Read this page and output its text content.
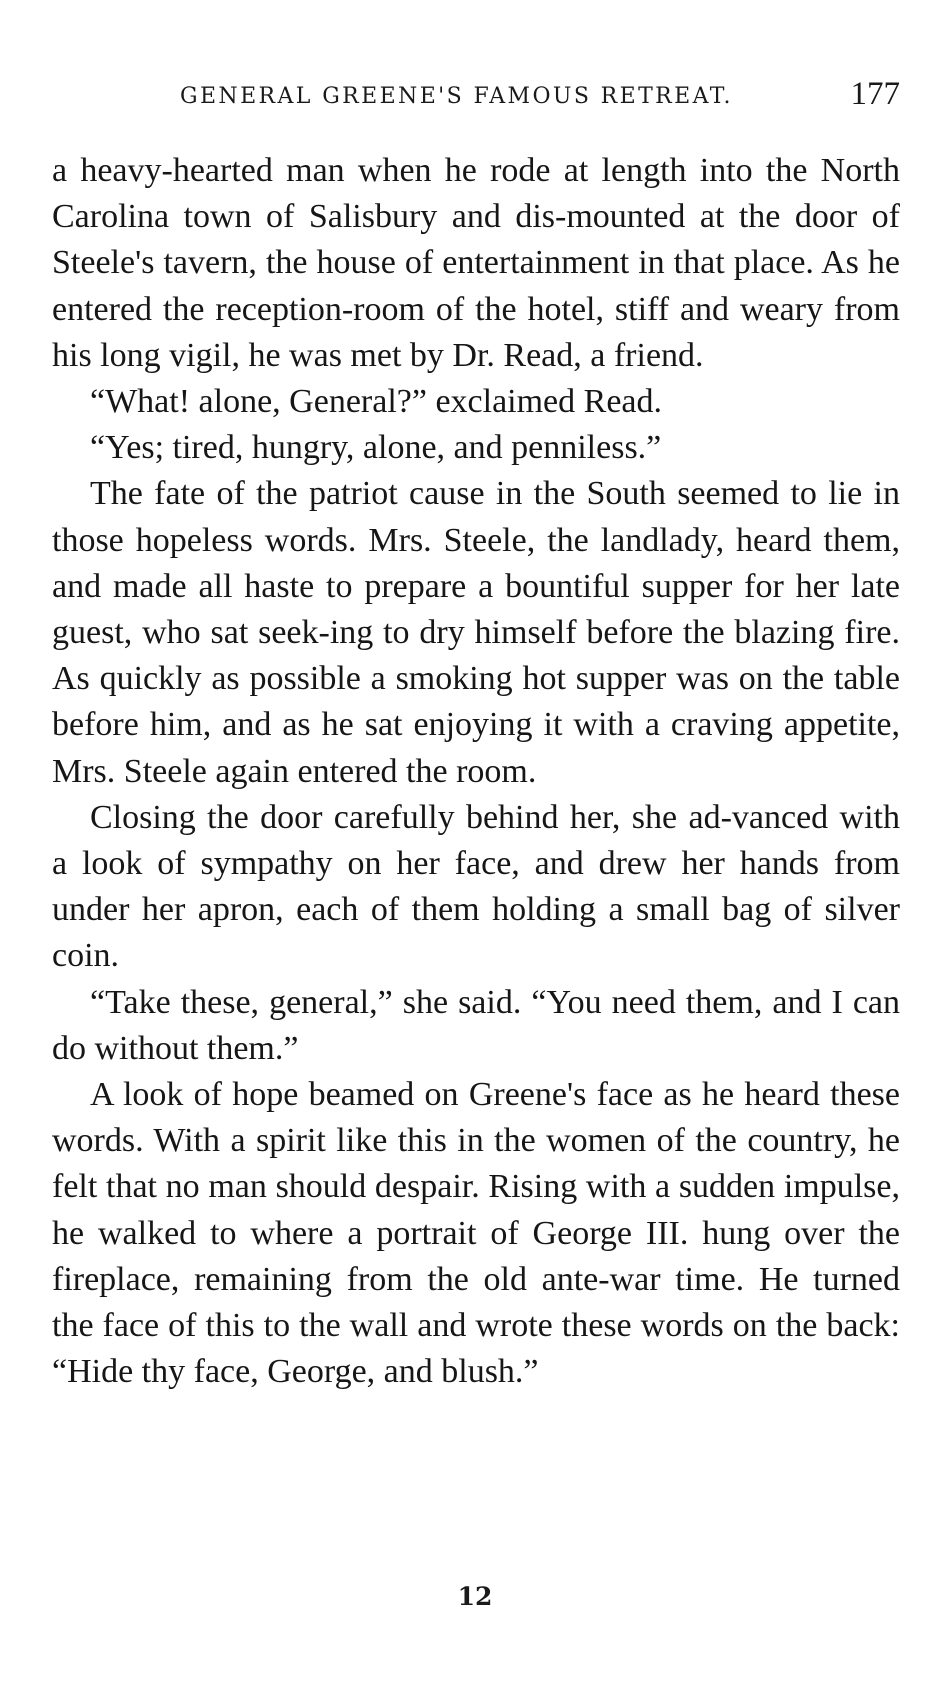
GENERAL GREENE'S FAMOUS RETREAT.	177

a heavy-hearted man when he rode at length into the North Carolina town of Salisbury and dis-mounted at the door of Steele's tavern, the house of entertainment in that place. As he entered the reception-room of the hotel, stiff and weary from his long vigil, he was met by Dr. Read, a friend.

“What! alone, General?” exclaimed Read.

“Yes; tired, hungry, alone, and penniless.”

The fate of the patriot cause in the South seemed to lie in those hopeless words. Mrs. Steele, the landlady, heard them, and made all haste to prepare a bountiful supper for her late guest, who sat seek-ing to dry himself before the blazing fire. As quickly as possible a smoking hot supper was on the table before him, and as he sat enjoying it with a craving appetite, Mrs. Steele again entered the room.

Closing the door carefully behind her, she ad-vanced with a look of sympathy on her face, and drew her hands from under her apron, each of them holding a small bag of silver coin.

“Take these, general,” she said. “You need them, and I can do without them.”

A look of hope beamed on Greene's face as he heard these words. With a spirit like this in the women of the country, he felt that no man should despair. Rising with a sudden impulse, he walked to where a portrait of George III. hung over the fireplace, remaining from the old ante-war time. He turned the face of this to the wall and wrote these words on the back: “Hide thy face, George, and blush.”

12
